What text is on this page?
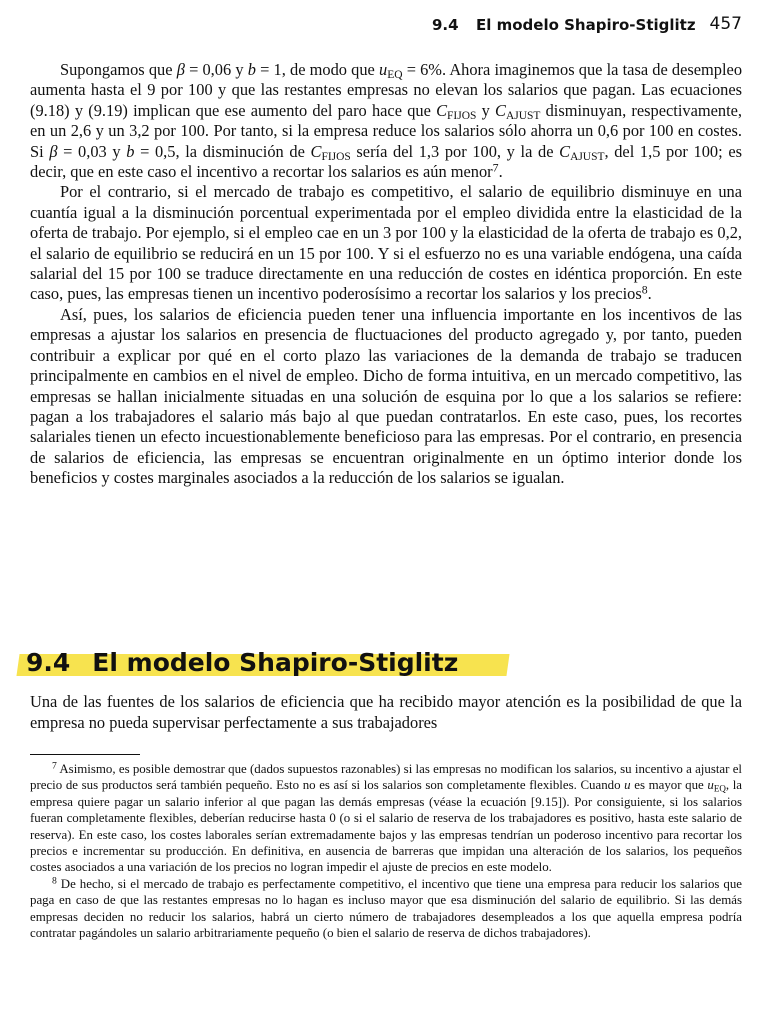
9.4 El modelo Shapiro-Stiglitz 457

Supongamos que β = 0,06 y b = 1, de modo que $u_{EQ} = 6\%$. Ahora imaginemos que la tasa de desempleo aumenta hasta el 9 por 100 y que las restantes empresas no elevan los salarios que pagan. Las ecuaciones (9.18) y (9.19) implican que ese aumento del paro hace que $C_{FIJOS}$ y $C_{AJUST}$ disminuyan, respectivamente, en un 2,6 y un 3,2 por 100. Por tanto, si la empresa reduce los salarios sólo ahorra un 0,6 por 100 en costes. Si β = 0,03 y b = 0,5, la disminución de $C_{FIJOS}$ sería del 1,3 por 100, y la de $C_{AJUST}$, del 1,5 por 100; es decir, que en este caso el incentivo a recortar los salarios es aún menor$^7$.

Por el contrario, si el mercado de trabajo es competitivo, el salario de equilibrio disminuye en una cuantía igual a la disminución porcentual experimentada por el empleo dividida entre la elasticidad de la oferta de trabajo. Por ejemplo, si el empleo cae en un 3 por 100 y la elasticidad de la oferta de trabajo es 0,2, el salario de equilibrio se reducirá en un 15 por 100. Y si el esfuerzo no es una variable endógena, una caída salarial del 15 por 100 se traduce directamente en una reducción de costes en idéntica proporción. En este caso, pues, las empresas tienen un incentivo poderosísimo a recortar los salarios y los precios$^8$.

Así, pues, los salarios de eficiencia pueden tener una influencia importante en los incentivos de las empresas a ajustar los salarios en presencia de fluctuaciones del producto agregado y, por tanto, pueden contribuir a explicar por qué en el corto plazo las variaciones de la demanda de trabajo se traducen principalmente en cambios en el nivel de empleo. Dicho de forma intuitiva, en un mercado competitivo, las empresas se hallan inicialmente situadas en una solución de esquina por lo que a los salarios se refiere: pagan a los trabajadores el salario más bajo al que puedan contratarlos. En este caso, pues, los recortes salariales tienen un efecto incuestionablemente beneficioso para las empresas. Por el contrario, en presencia de salarios de eficiencia, las empresas se encuentran originalmente en un óptimo interior donde los beneficios y costes marginales asociados a la reducción de los salarios se igualan.

9.4 El modelo Shapiro-Stiglitz

Una de las fuentes de los salarios de eficiencia que ha recibido mayor atención es la posibilidad de que la empresa no pueda supervisar perfectamente a sus trabajadores

$^7$ Asimismo, es posible demostrar que (dados supuestos razonables) si las empresas no modifican los salarios, su incentivo a ajustar el precio de sus productos será también pequeño. Esto no es así si los salarios son completamente flexibles. Cuando u es mayor que $u_{EQ}$, la empresa quiere pagar un salario inferior al que pagan las demás empresas (véase la ecuación [9.15]). Por consiguiente, si los salarios fueran completamente flexibles, deberían reducirse hasta 0 (o si el salario de reserva de los trabajadores es positivo, hasta este salario de reserva). En este caso, los costes laborales serían extremadamente bajos y las empresas tendrían un poderoso incentivo para recortar los precios e incrementar su producción. En definitiva, en ausencia de barreras que impidan una alteración de los salarios, los pequeños costes asociados a una variación de los precios no logran impedir el ajuste de precios en este modelo.

$^8$ De hecho, si el mercado de trabajo es perfectamente competitivo, el incentivo que tiene una empresa para reducir los salarios que paga en caso de que las restantes empresas no lo hagan es incluso mayor que esa disminución del salario de equilibrio. Si las demás empresas deciden no reducir los salarios, habrá un cierto número de trabajadores desempleados a los que aquella empresa podría contratar pagándoles un salario arbitrariamente pequeño (o bien el salario de reserva de dichos trabajadores).
